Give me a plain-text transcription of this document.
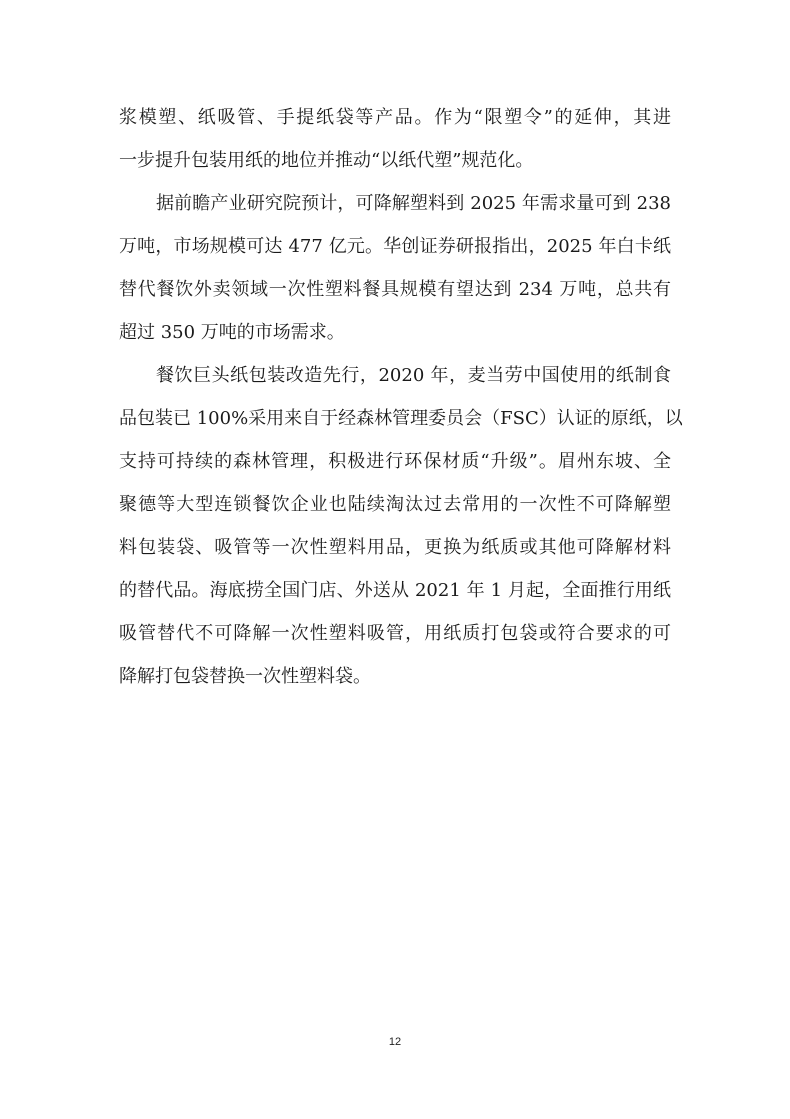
浆模塑、纸吸管、手提纸袋等产品。作为“限塑令”的延伸，其进
一步提升包装用纸的地位并推动“以纸代塑”规范化。
据前瞻产业研究院预计，可降解塑料到 2025 年需求量可到 238
万吨，市场规模可达 477 亿元。华创证券研报指出，2025 年白卡纸
替代餐饮外卖领域一次性塑料餐具规模有望达到 234 万吨，总共有
超过 350 万吨的市场需求。
餐饮巨头纸包装改造先行，2020 年，麦当劳中国使用的纸制食
品包装已 100%采用来自于经森林管理委员会（FSC）认证的原纸，以
支持可持续的森林管理，积极进行环保材质“升级”。眉州东坡、全
聚德等大型连锁餐饮企业也陆续淘汰过去常用的一次性不可降解塑
料包装袋、吸管等一次性塑料用品，更换为纸质或其他可降解材料
的替代品。海底捞全国门店、外送从 2021 年 1 月起，全面推行用纸
吸管替代不可降解一次性塑料吸管，用纸质打包袋或符合要求的可
降解打包袋替换一次性塑料袋。
12
